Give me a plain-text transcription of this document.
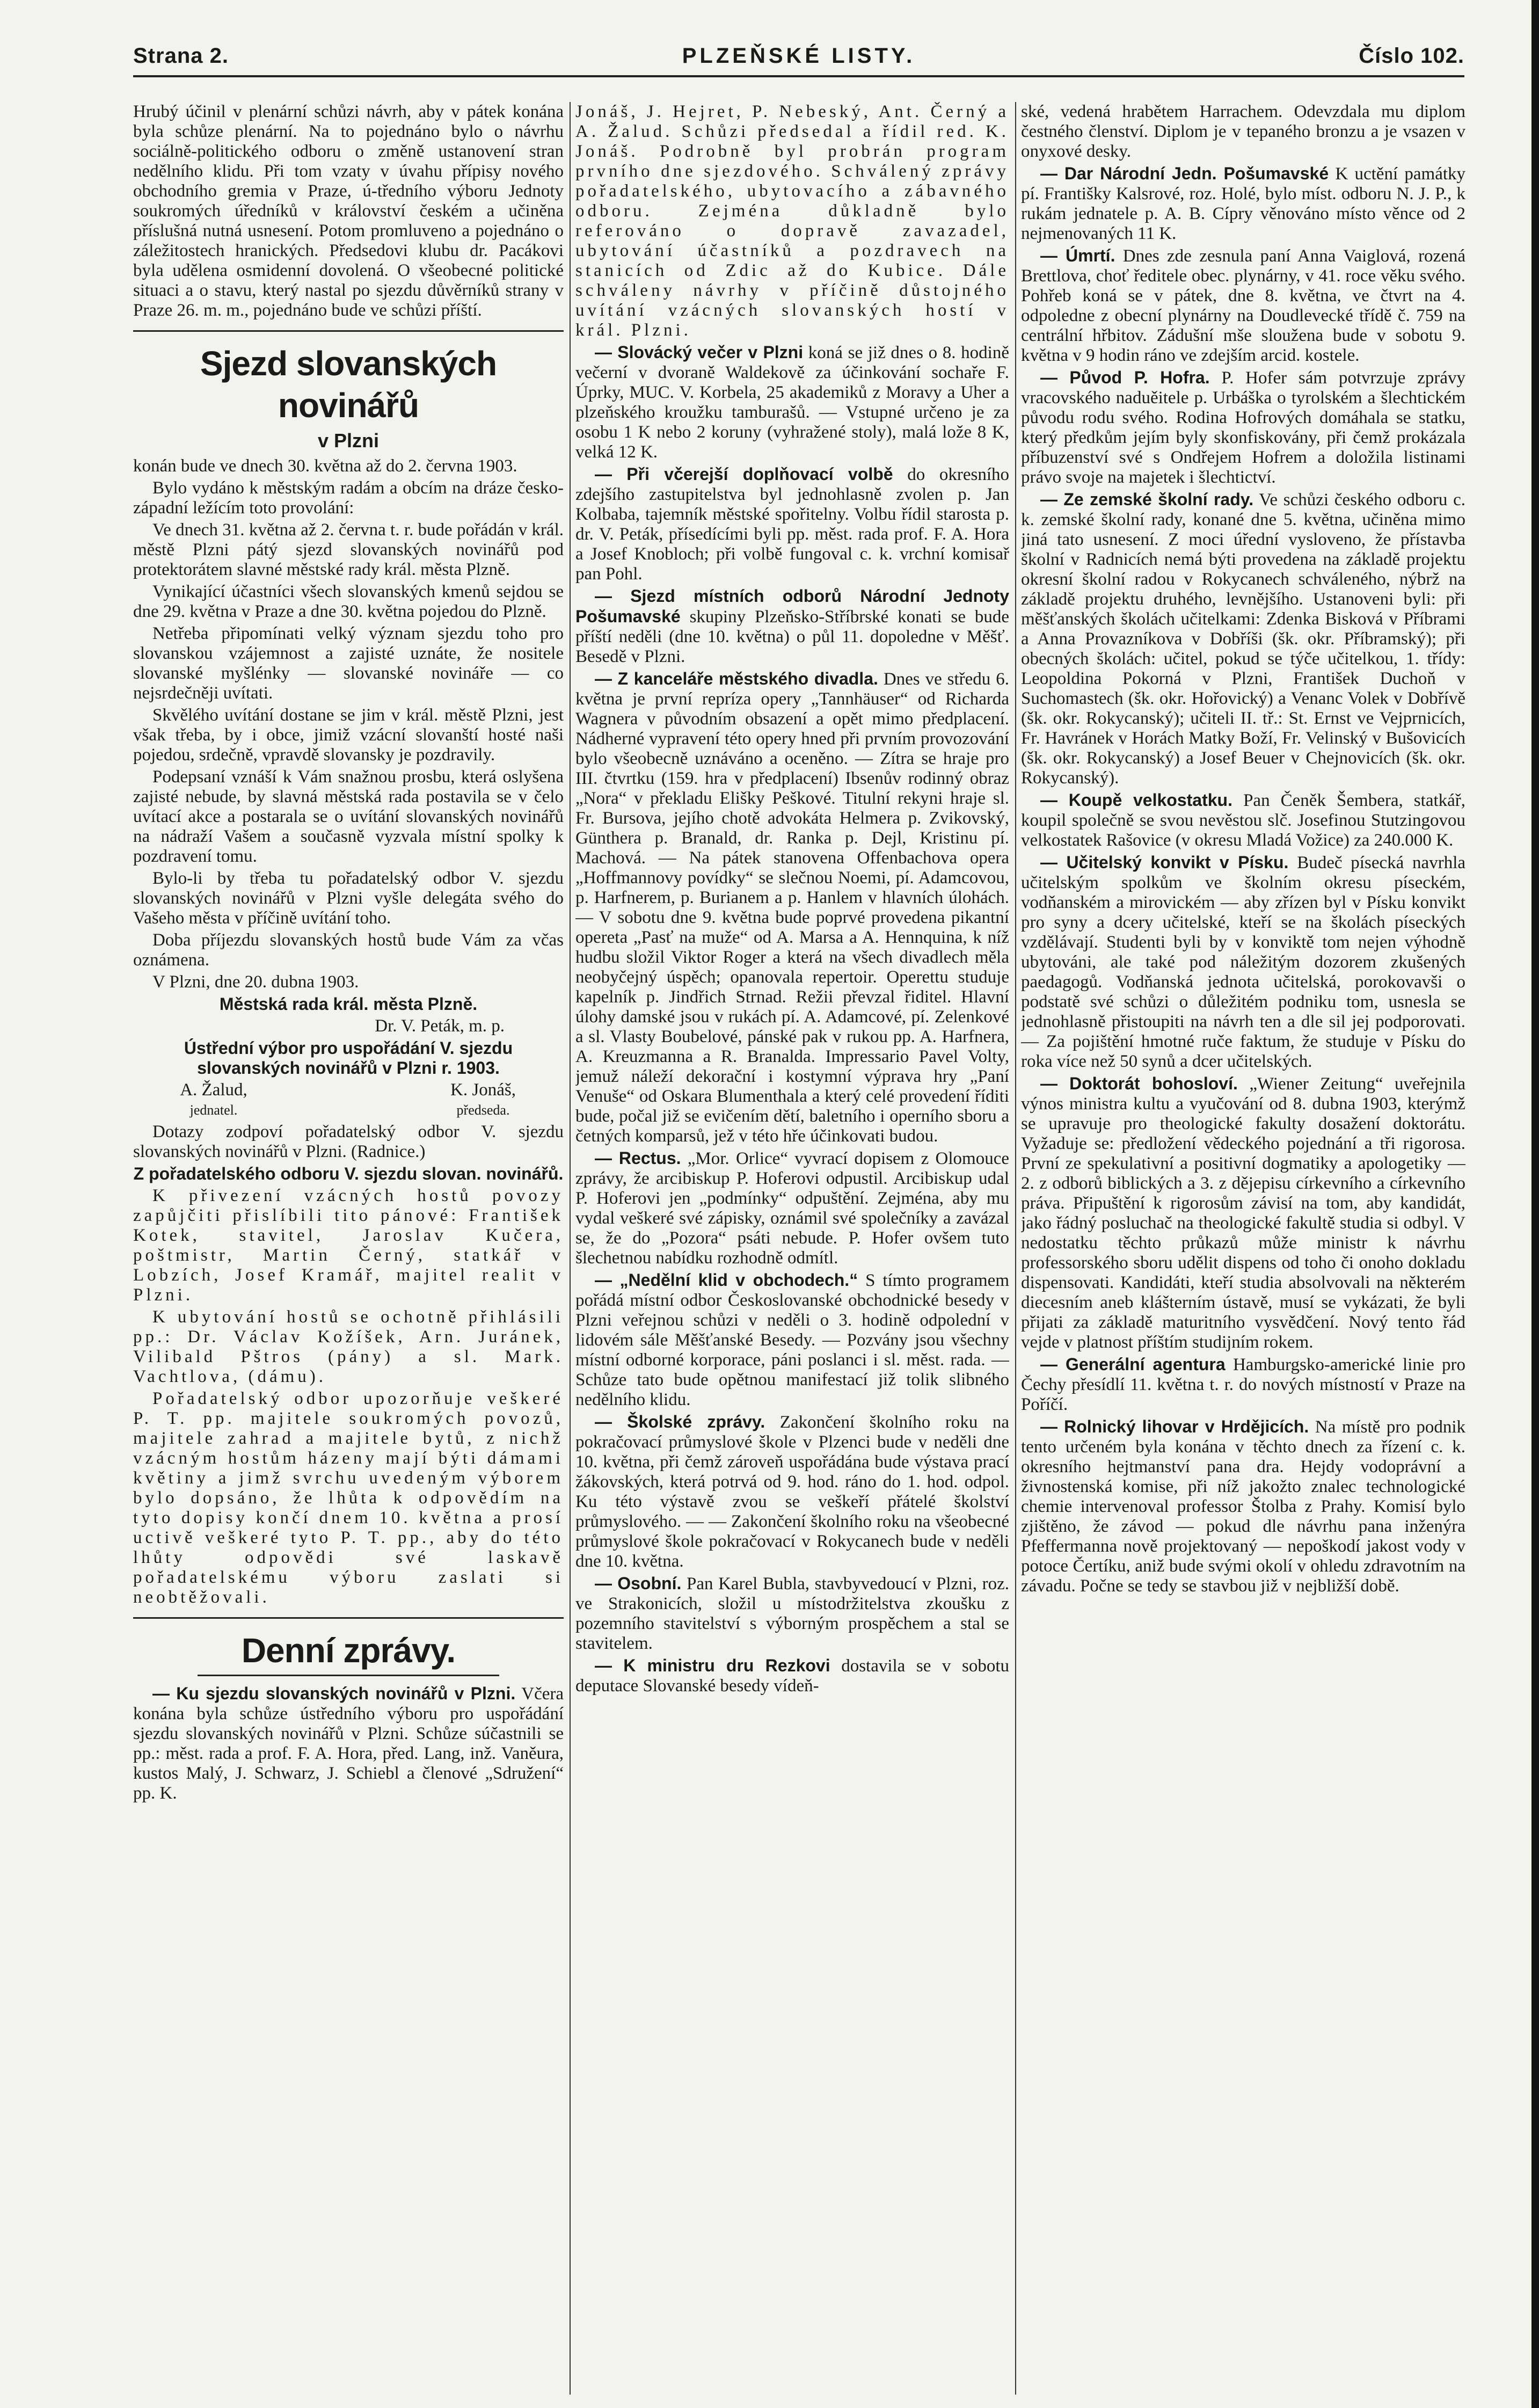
Strana 2.	PLZEŇSKÉ LISTY.	Číslo 102.

Hrubý účinil v plenární schůzi návrh, aby v pátek konána byla schůze plenární. Na to pojednáno bylo o návrhu sociálně-politického odboru o změně ustanovení stran nedělního klidu. Při tom vzaty v úvahu přípisy nového obchodního gremia v Praze, ú-tředního výboru Jednoty soukromých úředníků v království českém a učiněna příslušná nutná usnesení. Potom promluveno a pojednáno o záležitostech hranických. Předsedovi klubu dr. Pacákovi byla udělena osmidenní dovolená. O všeobecné politické situaci a o stavu, který nastal po sjezdu důvěrníků strany v Praze 26. m. m., pojednáno bude ve schůzi příští.

Sjezd slovanských novinářů
v Plzni

konán bude ve dnech 30. května až do 2. června 1903.

Bylo vydáno k městským radám a obcím na dráze česko-západní ležícím toto provolání:

Ve dnech 31. května až 2. června t. r. bude pořádán v král. městě Plzni pátý sjezd slovanských novinářů pod protektorátem slavné městské rady král. města Plzně.

Vynikající účastníci všech slovanských kmenů sejdou se dne 29. května v Praze a dne 30. května pojedou do Plzně.

Netřeba připomínati velký význam sjezdu toho pro slovanskou vzájemnost a zajisté uznáte, že nositele slovanské myšlénky — slovanské novináře — co nejsrdečněji uvítati.

Skvělého uvítání dostane se jim v král. městě Plzni, jest však třeba, by i obce, jimiž vzácní slovanští hosté naši pojedou, srdečně, vpravdě slovansky je pozdravily.

Podepsaní vznáší k Vám snažnou prosbu, která oslyšena zajisté nebude, by slavná městská rada postavila se v čelo uvítací akce a postarala se o uvítání slovanských novinářů na nádraží Vašem a současně vyzvala místní spolky k pozdravení tomu.

Bylo-li by třeba tu pořadatelský odbor V. sjezdu slovanských novinářů v Plzni vyšle delegáta svého do Vašeho města v příčině uvítání toho.

Doba příjezdu slovanských hostů bude Vám za včas oznámena.

V Plzni, dne 20. dubna 1903.

Městská rada král. města Plzně.

Dr. V. Peták, m. p.

Ústřední výbor pro uspořádání V. sjezdu slovanských novinářů v Plzni r. 1903.

A. Žalud,
jednatel.
K. Jonáš,
předseda.

Dotazy zodpoví pořadatelský odbor V. sjezdu slovanských novinářů v Plzni. (Radnice.)

Z pořadatelského odboru V. sjezdu slovan. novinářů.

K přivezení vzácných hostů povozy zapůjčiti přislíbili tito pánové: František Kotek, stavitel, Jaroslav Kučera, poštmistr, Martin Černý, statkář v Lobzích, Josef Kramář, majitel realit v Plzni.

K ubytování hostů se ochotně přihlásili pp.: Dr. Václav Kožíšek, Arn. Juránek, Vilibald Pštros (pány) a sl. Mark. Vachtlova, (dámu).

Pořadatelský odbor upozorňuje veškeré P. T. pp. majitele soukromých povozů, majitele zahrad a majitele bytů, z nichž vzácným hostům házeny mají býti dámami květiny a jimž svrchu uvedeným výborem bylo dopsáno, že lhůta k odpovědím na tyto dopisy končí dnem 10. května a prosí uctivě veškeré tyto P. T. pp., aby do této lhůty odpovědi své laskavě pořadatelskému výboru zaslati si neobtěžovali.

Denní zprávy.

— Ku sjezdu slovanských novinářů v Plzni. Včera konána byla schůze ústředního výboru pro uspořádání sjezdu slovanských novinářů v Plzni. Schůze súčastnili se pp.: měst. rada a prof. F. A. Hora, před. Lang, inž. Vaněura, kustos Malý, J. Schwarz, J. Schiebl a členové „Sdružení“ pp. K.

Jonáš, J. Hejret, P. Nebeský, Ant. Černý a A. Žalud. Schůzi předsedal a řídil red. K. Jonáš. Podrobně byl probrán program prvního dne sjezdového. Schválený zprávy pořadatelského, ubytovacího a zábavného odboru. Zejména důkladně bylo referováno o dopravě zavazadel, ubytování účastníků a pozdravech na stanicích od Zdic až do Kubice. Dále schváleny návrhy v příčině důstojného uvítání vzácných slovanských hostí v král. Plzni.

— Slovácký večer v Plzni koná se již dnes o 8. hodině večerní v dvoraně Waldekově za účinkování sochaře F. Úprky, MUC. V. Korbela, 25 akademiků z Moravy a Uher a plzeňského kroužku tamburašů. — Vstupné určeno je za osobu 1 K nebo 2 koruny (vyhražené stoly), malá lože 8 K, velká 12 K.

— Při včerejší doplňovací volbě do okresního zdejšího zastupitelstva byl jednohlasně zvolen p. Jan Kolbaba, tajemník městské spořitelny. Volbu řídil starosta p. dr. V. Peták, přísedícími byli pp. měst. rada prof. F. A. Hora a Josef Knobloch; při volbě fungoval c. k. vrchní komisař pan Pohl.

— Sjezd místních odborů Národní Jednoty Pošumavské skupiny Plzeňsko-Stříbrské konati se bude příští neděli (dne 10. května) o půl 11. dopoledne v Měšť. Besedě v Plzni.

— Z kanceláře městského divadla. Dnes ve středu 6. května je první repríza opery „Tannhäuser“ od Richarda Wagnera v původním obsazení a opět mimo předplacení. Nádherné vypravení této opery hned při prvním provozování bylo všeobecně uznáváno a oceněno. — Zítra se hraje pro III. čtvrtku (159. hra v předplacení) Ibsenův rodinný obraz „Nora“ v překladu Elišky Peškové. Titulní rekyni hraje sl. Fr. Bursova, jejího chotě advokáta Helmera p. Zvikovský, Günthera p. Branald, dr. Ranka p. Dejl, Kristinu pí. Machová. — Na pátek stanovena Offenbachova opera „Hoffmannovy povídky“ se slečnou Noemi, pí. Adamcovou, p. Harfnerem, p. Burianem a p. Hanlem v hlavních úlohách. — V sobotu dne 9. května bude poprvé provedena pikantní opereta „Pasť na muže“ od A. Marsa a A. Hennquina, k níž hudbu složil Viktor Roger a která na všech divadlech měla neobyčejný úspěch; opanovala repertoir. Operettu studuje kapelník p. Jindřich Strnad. Režii převzal řiditel. Hlavní úlohy damské jsou v rukách pí. A. Adamcové, pí. Zelenkové a sl. Vlasty Boubelové, pánské pak v rukou pp. A. Harfnera, A. Kreuzmanna a R. Branalda. Impressario Pavel Volty, jemuž náleží dekorační i kostymní výprava hry „Paní Venuše“ od Oskara Blumenthala a který celé provedení říditi bude, počal již se evičením dětí, baletního i operního sboru a četných komparsů, jež v této hře účinkovati budou.

— Rectus. „Mor. Orlice“ vyvrací dopisem z Olomouce zprávy, že arcibiskup P. Hoferovi odpustil. Arcibiskup udal P. Hoferovi jen „podmínky“ odpuštění. Zejména, aby mu vydal veškeré své zápisky, oznámil své společníky a zavázal se, že do „Pozora“ psáti nebude. P. Hofer ovšem tuto šlechetnou nabídku rozhodně odmítl.

— „Nedělní klid v obchodech.“ S tímto programem pořádá místní odbor Českoslovanské obchodnické besedy v Plzni veřejnou schůzi v neděli o 3. hodině odpolední v lidovém sále Měšťanské Besedy. — Pozvány jsou všechny místní odborné korporace, páni poslanci i sl. měst. rada. — Schůze tato bude opětnou manifestací již tolik slibného nedělního klidu.

— Školské zprávy. Zakončení školního roku na pokračovací průmyslové škole v Plzenci bude v neděli dne 10. května, při čemž zároveň uspořádána bude výstava prací žákovských, která potrvá od 9. hod. ráno do 1. hod. odpol. Ku této výstavě zvou se veškeří přátelé školství průmyslového. — — Zakončení školního roku na všeobecné průmyslové škole pokračovací v Rokycanech bude v neděli dne 10. května.

— Osobní. Pan Karel Bubla, stavbyvedoucí v Plzni, roz. ve Strakonicích, složil u místodržitelstva zkoušku z pozemního stavitelství s výborným prospěchem a stal se stavitelem.

— K ministru dru Rezkovi dostavila se v sobotu deputace Slovanské besedy vídeň-

ské, vedená hrabětem Harrachem. Odevzdala mu diplom čestného členství. Diplom je v tepaného bronzu a je vsazen v onyxové desky.

— Dar Národní Jedn. Pošumavské K uctění památky pí. Františky Kalsrové, roz. Holé, bylo míst. odboru N. J. P., k rukám jednatele p. A. B. Cípry věnováno místo věnce od 2 nejmenovaných 11 K.

— Úmrtí. Dnes zde zesnula paní Anna Vaiglová, rozená Brettlova, choť ředitele obec. plynárny, v 41. roce věku svého. Pohřeb koná se v pátek, dne 8. května, ve čtvrt na 4. odpoledne z obecní plynárny na Doudlevecké třídě č. 759 na centrální hřbitov. Zádušní mše sloužena bude v sobotu 9. května v 9 hodin ráno ve zdejším arcid. kostele.

— Původ P. Hofra. P. Hofer sám potvrzuje zprávy vracovského naduěitele p. Urbáška o tyrolském a šlechtickém původu rodu svého. Rodina Hofrových domáhala se statku, který předkům jejím byly skonfiskovány, při čemž prokázala příbuzenství své s Ondřejem Hofrem a doložila listinami právo svoje na majetek i šlechtictví.

— Ze zemské školní rady. Ve schůzi českého odboru c. k. zemské školní rady, konané dne 5. května, učiněna mimo jiná tato usnesení. Z moci úřední vysloveno, že přístavba školní v Radnicích nemá býti provedena na základě projektu okresní školní radou v Rokycanech schváleného, nýbrž na základě projektu druhého, levnějšího. Ustanoveni byli: při měšťanských školách učitelkami: Zdenka Bisková v Příbrami a Anna Provazníkova v Dobříši (šk. okr. Příbramský); při obecných školách: učitel, pokud se týče učitelkou, 1. třídy: Leopoldina Pokorná v Plzni, František Duchoň v Suchomastech (šk. okr. Hořovický) a Venanc Volek v Dobřívě (šk. okr. Rokycanský); učiteli II. tř.: St. Ernst ve Vejprnicích, Fr. Havránek v Horách Matky Boží, Fr. Velinský v Bušovicích (šk. okr. Rokycanský) a Josef Beuer v Chejnovicích (šk. okr. Rokycanský).

— Koupě velkostatku. Pan Čeněk Šembera, statkář, koupil společně se svou nevěstou slč. Josefinou Stutzingovou velkostatek Rašovice (v okresu Mladá Vožice) za 240.000 K.

— Učitelský konvikt v Písku. Budeč písecká navrhla učitelským spolkům ve školním okresu píseckém, vodňanském a mirovickém — aby zřízen byl v Písku konvikt pro syny a dcery učitelské, kteří se na školách píseckých vzdělávají. Studenti byli by v konviktě tom nejen výhodně ubytováni, ale také pod náležitým dozorem zkušených paedagogů. Vodňanská jednota učitelská, porokovavši o podstatě své schůzi o důležitém podniku tom, usnesla se jednohlasně přistoupiti na návrh ten a dle sil jej podporovati. — Za pojištění hmotné ruče faktum, že studuje v Písku do roka více než 50 synů a dcer učitelských.

— Doktorát bohosloví. „Wiener Zeitung“ uveřejnila výnos ministra kultu a vyučování od 8. dubna 1903, kterýmž se upravuje pro theologické fakulty dosažení doktorátu. Vyžaduje se: předložení vědeckého pojednání a tři rigorosa. První ze spekulativní a positivní dogmatiky a apologetiky — 2. z odborů biblických a 3. z dějepisu církevního a církevního práva. Připuštění k rigorosům závisí na tom, aby kandidát, jako řádný posluchač na theologické fakultě studia si odbyl. V nedostatku těchto průkazů může ministr k návrhu professorského sboru udělit dispens od toho či onoho dokladu dispensovati. Kandidáti, kteří studia absolvovali na některém diecesním aneb klášterním ústavě, musí se vykázati, že byli přijati za základě maturitního vysvědčení. Nový tento řád vejde v platnost příštím studijním rokem.

— Generální agentura Hamburgsko-americké linie pro Čechy přesídlí 11. května t. r. do nových místností v Praze na Poříčí.

— Rolnický lihovar v Hrdějicích. Na místě pro podnik tento určeném byla konána v těchto dnech za řízení c. k. okresního hejtmanství pana dra. Hejdy vodoprávní a živnostenská komise, při níž jakožto znalec technologické chemie intervenoval professor Štolba z Prahy. Komisí bylo zjištěno, že závod — pokud dle návrhu pana inženýra Pfeffermanna nově projektovaný — nepoškodí jakost vody v potoce Čertíku, aniž bude svými okolí v ohledu zdravotním na závadu. Počne se tedy se stavbou již v nejbližší době.
